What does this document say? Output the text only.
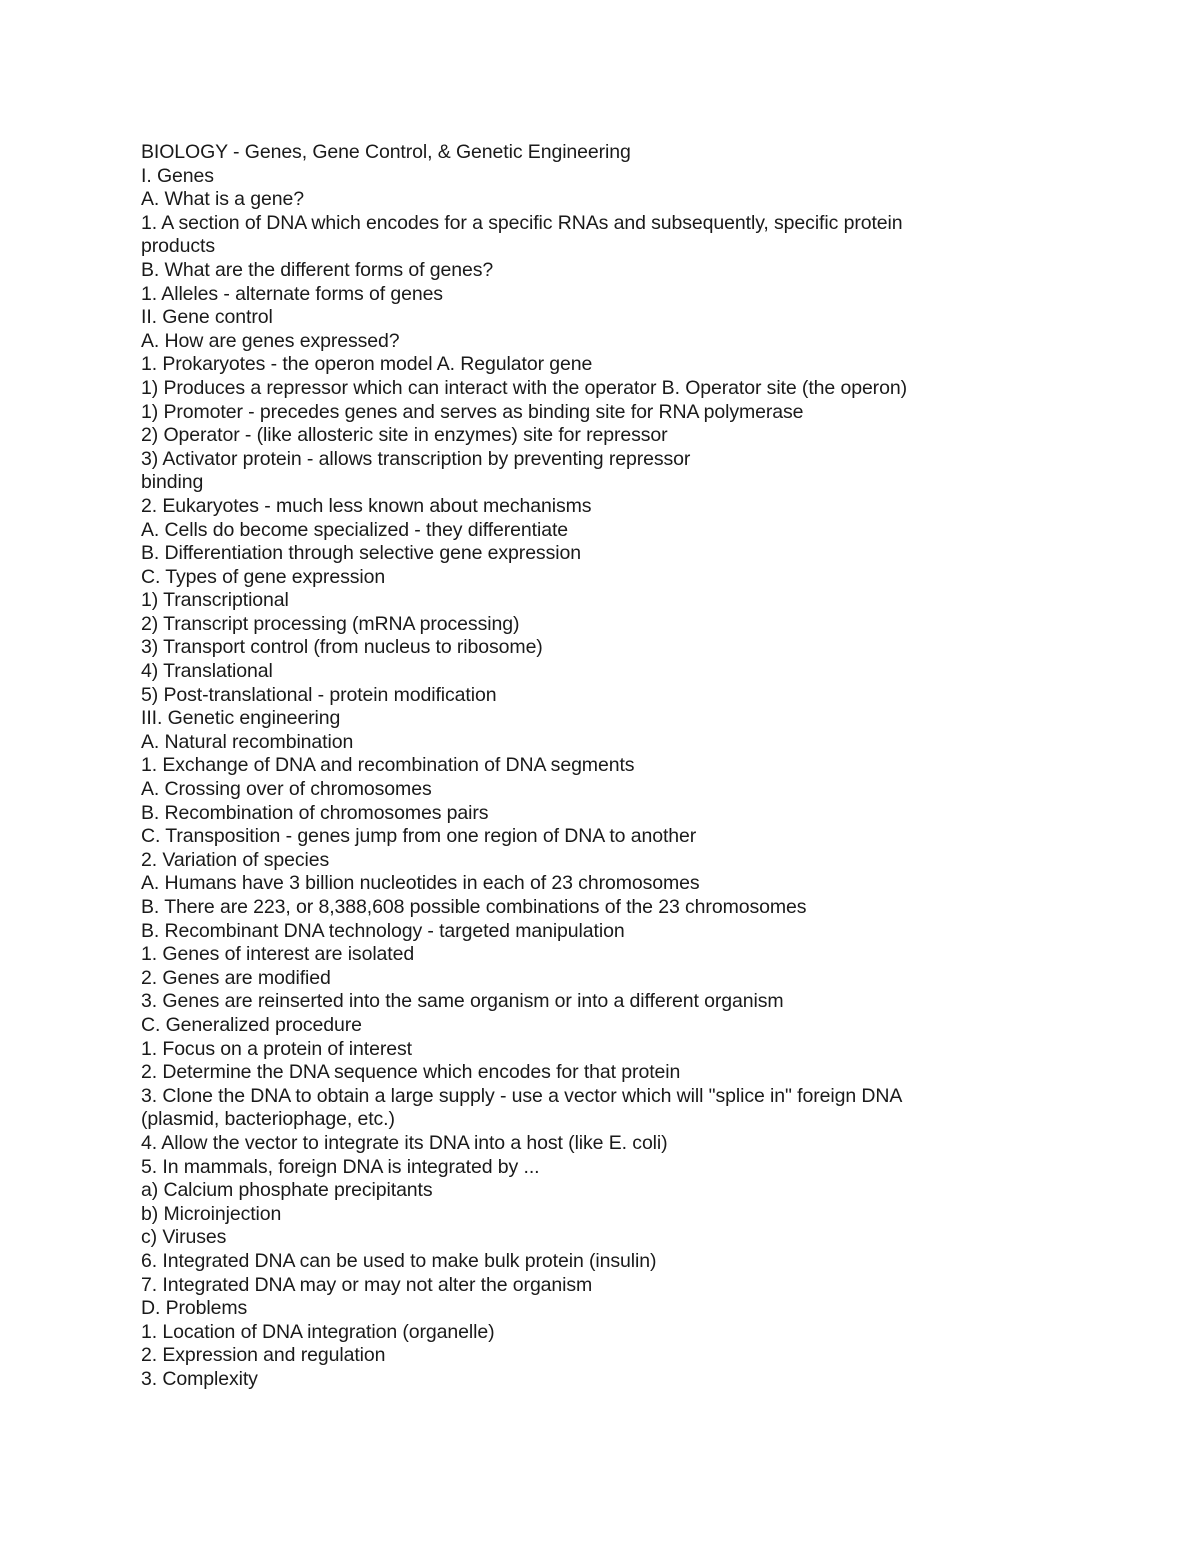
BIOLOGY - Genes, Gene Control, & Genetic Engineering
I. Genes
A. What is a gene?
1. A section of DNA which encodes for a specific RNAs and subsequently, specific protein
products
B. What are the different forms of genes?
1. Alleles - alternate forms of genes
II. Gene control
A. How are genes expressed?
1. Prokaryotes - the operon model A. Regulator gene
1) Produces a repressor which can interact with the operator B. Operator site (the operon)
1) Promoter - precedes genes and serves as binding site for RNA polymerase
2) Operator - (like allosteric site in enzymes) site for repressor
3) Activator protein - allows transcription by preventing repressor
binding
2. Eukaryotes - much less known about mechanisms
A. Cells do become specialized - they differentiate
B. Differentiation through selective gene expression
C. Types of gene expression
1) Transcriptional
2) Transcript processing (mRNA processing)
3) Transport control (from nucleus to ribosome)
4) Translational
5) Post-translational - protein modification
III. Genetic engineering
A. Natural recombination
1. Exchange of DNA and recombination of DNA segments
A. Crossing over of chromosomes
B. Recombination of chromosomes pairs
C. Transposition - genes jump from one region of DNA to another
2. Variation of species
A. Humans have 3 billion nucleotides in each of 23 chromosomes
B. There are 223, or 8,388,608 possible combinations of the 23 chromosomes
B. Recombinant DNA technology - targeted manipulation
1. Genes of interest are isolated
2. Genes are modified
3. Genes are reinserted into the same organism or into a different organism
C. Generalized procedure
1. Focus on a protein of interest
2. Determine the DNA sequence which encodes for that protein
3. Clone the DNA to obtain a large supply - use a vector which will "splice in" foreign DNA
(plasmid, bacteriophage, etc.)
4. Allow the vector to integrate its DNA into a host (like E. coli)
5. In mammals, foreign DNA is integrated by ...
a) Calcium phosphate precipitants
b) Microinjection
c) Viruses
6. Integrated DNA can be used to make bulk protein (insulin)
7. Integrated DNA may or may not alter the organism
D. Problems
1. Location of DNA integration (organelle)
2. Expression and regulation
3. Complexity
